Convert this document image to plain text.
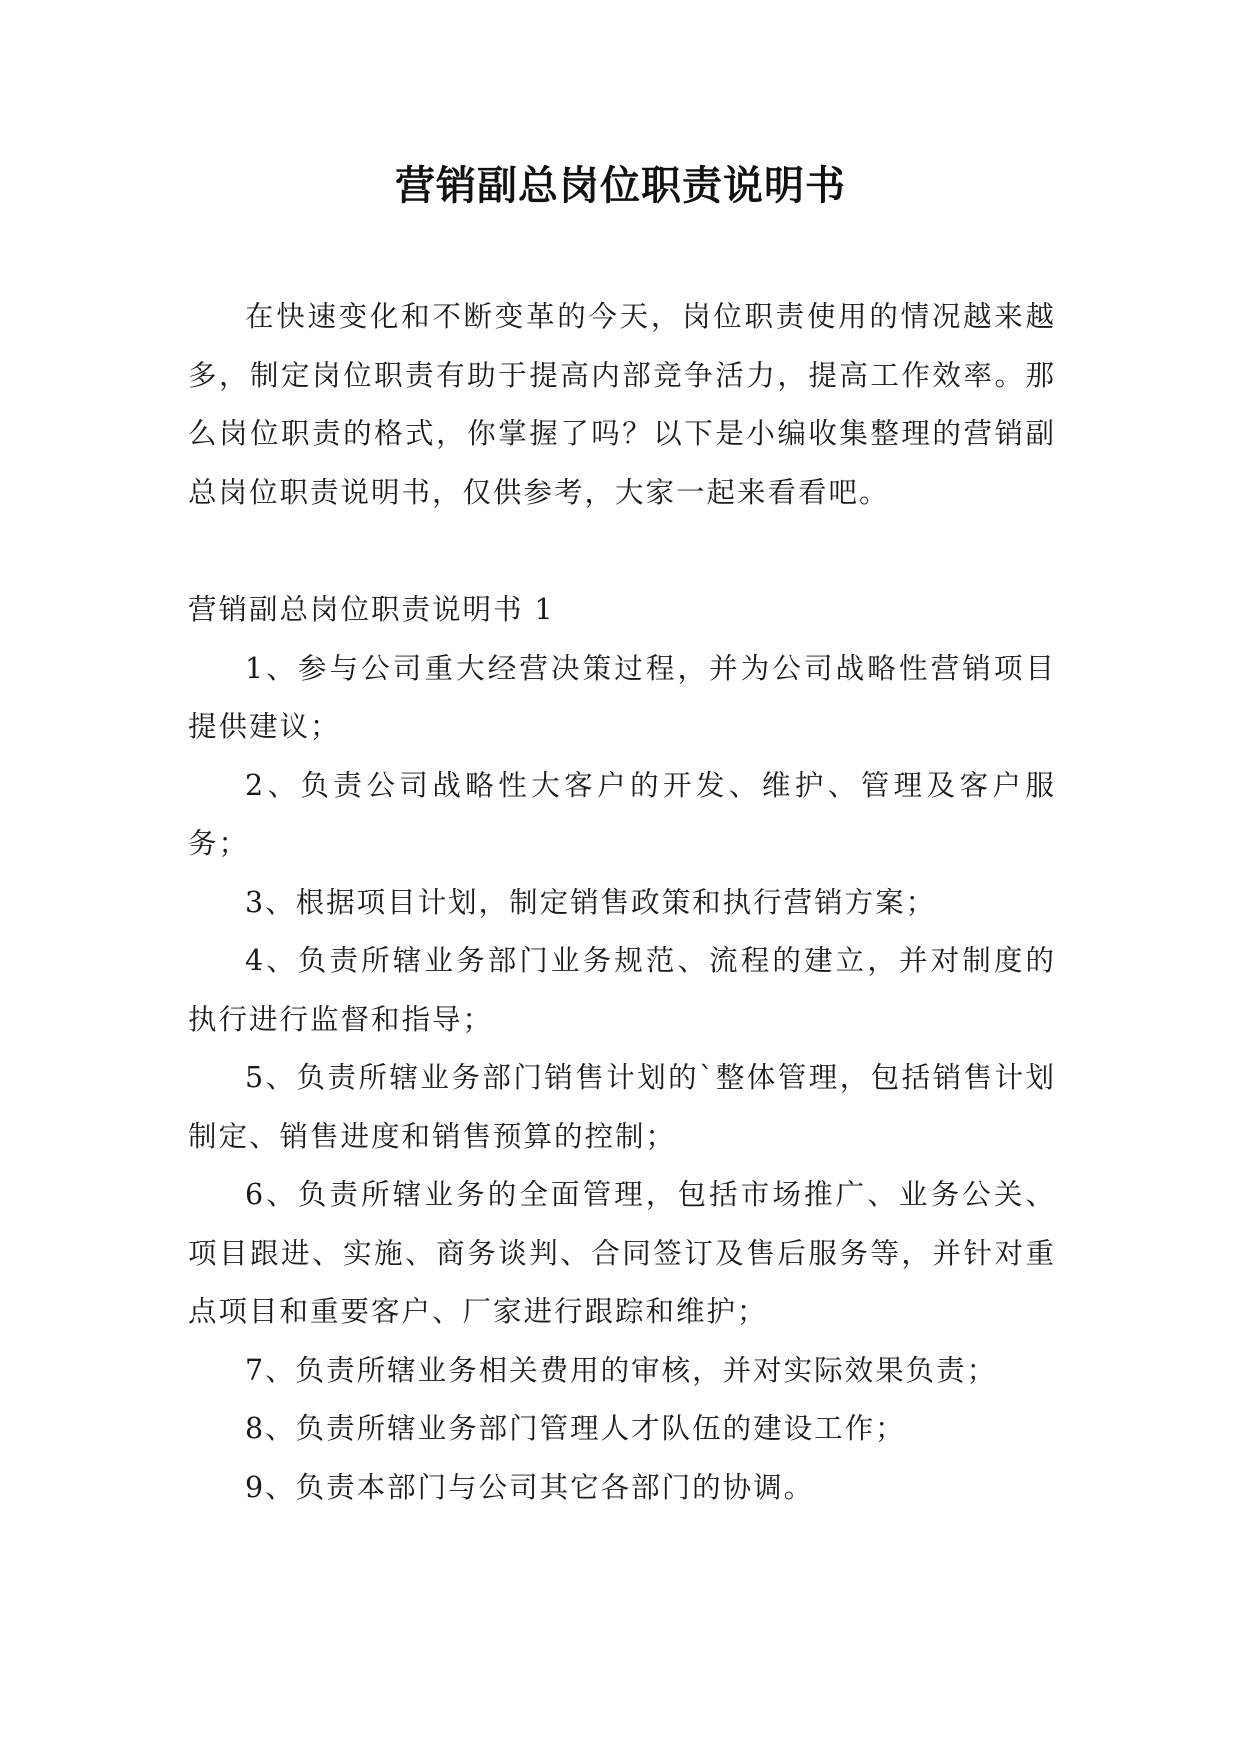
营销副总岗位职责说明书

在快速变化和不断变革的今天，岗位职责使用的情况越来越多，制定岗位职责有助于提高内部竞争活力，提高工作效率。那么岗位职责的格式，你掌握了吗？以下是小编收集整理的营销副总岗位职责说明书，仅供参考，大家一起来看看吧。

营销副总岗位职责说明书 1

1、参与公司重大经营决策过程，并为公司战略性营销项目提供建议；

2、负责公司战略性大客户的开发、维护、管理及客户服务；

3、根据项目计划，制定销售政策和执行营销方案；

4、负责所辖业务部门业务规范、流程的建立，并对制度的执行进行监督和指导；

5、负责所辖业务部门销售计划的`整体管理，包括销售计划制定、销售进度和销售预算的控制；

6、负责所辖业务的全面管理，包括市场推广、业务公关、项目跟进、实施、商务谈判、合同签订及售后服务等，并针对重点项目和重要客户、厂家进行跟踪和维护；

7、负责所辖业务相关费用的审核，并对实际效果负责；

8、负责所辖业务部门管理人才队伍的建设工作；

9、负责本部门与公司其它各部门的协调。
